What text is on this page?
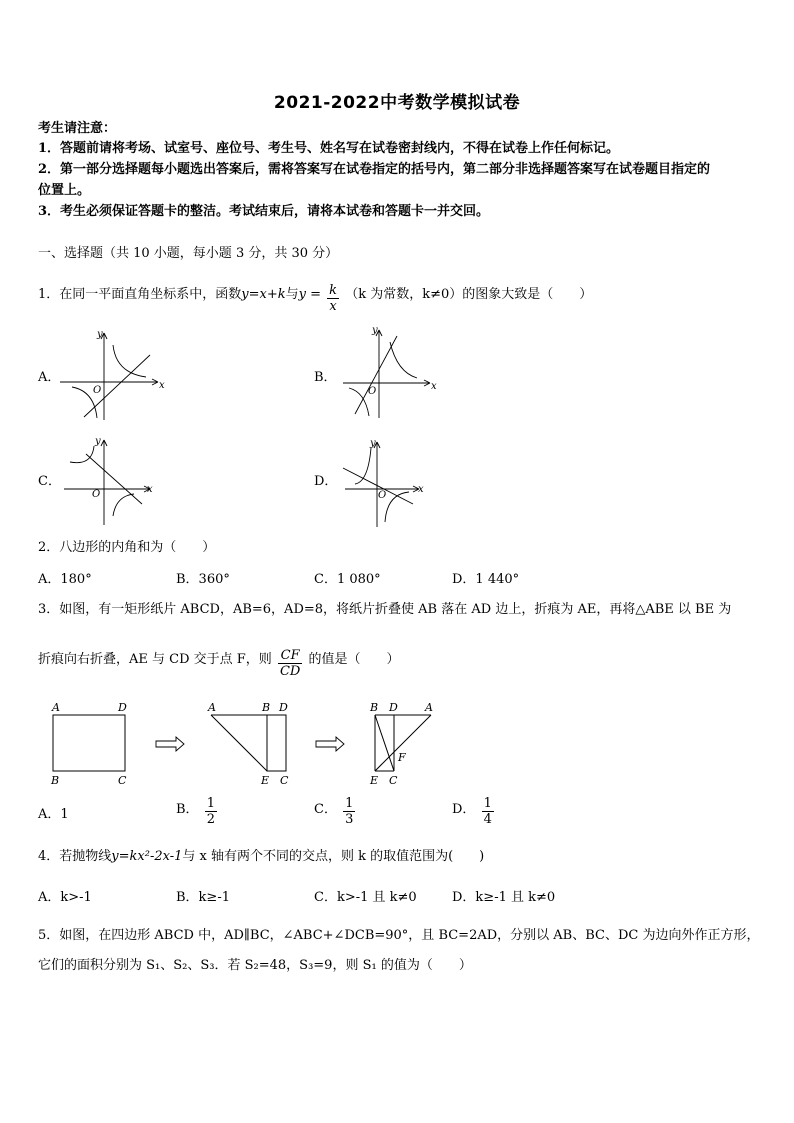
2021-2022中考数学模拟试卷
考生请注意：
1．答题前请将考场、试室号、座位号、考生号、姓名写在试卷密封线内，不得在试卷上作任何标记。
2．第一部分选择题每小题选出答案后，需将答案写在试卷指定的括号内，第二部分非选择题答案写在试卷题目指定的
位置上。
3．考生必须保证答题卡的整洁。考试结束后，请将本试卷和答题卡一并交回。
一、选择题（共 10 小题，每小题 3 分，共 30 分）
1．在同一平面直角坐标系中，函数y=x+k与$y = \frac{k}{x} (k$ 为常数，k≠0）的图象大致是（　　）
A．
x
y
O
B．
x
y
O
C．
x
y
O
D．
x
y
O
2．八边形的内角和为（　　）
A．180°	B．360°	C．1 080°	D．1 440°
3．如图，有一矩形纸片 ABCD，AB=6，AD=8，将纸片折叠使 AB 落在 AD 边上，折痕为 AE，再将△ABE 以 BE 为
折痕向右折叠，AE 与 CD 交于点 F，则 $\frac{CF}{CD}$ 的值是（　　）
A	D
B	C
A	B D
E C
B D A
F
E C
A．1	B． $\frac{1}{2}$	C． $\frac{1}{3}$	D． $\frac{1}{4}$
4．若抛物线y=kx²-2x-1与 x 轴有两个不同的交点，则 k 的取值范围为(　　)
A．k>-1	B．k≥-1	C．k>-1 且 k≠0	D．k≥-1 且 k≠0
5．如图，在四边形 ABCD 中，AD∥BC，∠ABC+∠DCB=90°，且 BC=2AD，分别以 AB、BC、DC 为边向外作正方形，
它们的面积分别为 S₁、S₂、S₃．若 S₂=48，S₃=9，则 S₁ 的值为（　　）
